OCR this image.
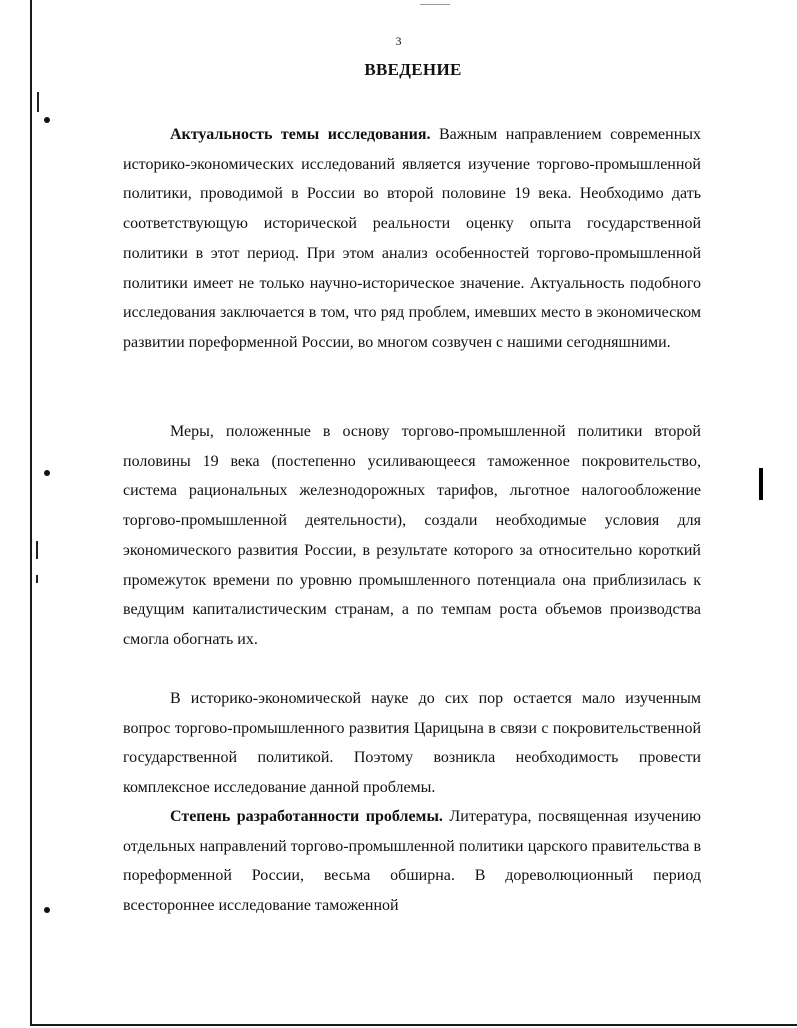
3
ВВЕДЕНИЕ

Актуальность темы исследования. Важным направлением современных историко-экономических исследований является изучение торгово-промышленной политики, проводимой в России во второй половине 19 века. Необходимо дать соответствующую исторической реальности оценку опыта государственной политики в этот период. При этом анализ особенностей торгово-промышленной политики имеет не только научно-историческое значение. Актуальность подобного исследования заключается в том, что ряд проблем, имевших место в экономическом развитии пореформенной России, во многом созвучен с нашими сегодняшними.

Меры, положенные в основу торгово-промышленной политики второй половины 19 века (постепенно усиливающееся таможенное покровительство, система рациональных железнодорожных тарифов, льготное налогообложение торгово-промышленной деятельности), создали необходимые условия для экономического развития России, в результате которого за относительно короткий промежуток времени по уровню промышленного потенциала она приблизилась к ведущим капиталистическим странам, а по темпам роста объемов производства смогла обогнать их.

В историко-экономической науке до сих пор остается мало изученным вопрос торгово-промышленного развития Царицына в связи с покровительственной государственной политикой. Поэтому возникла необходимость провести комплексное исследование данной проблемы.

Степень разработанности проблемы. Литература, посвященная изучению отдельных направлений торгово-промышленной политики царского правительства в пореформенной России, весьма обширна. В дореволюционный период всестороннее исследование таможенной
